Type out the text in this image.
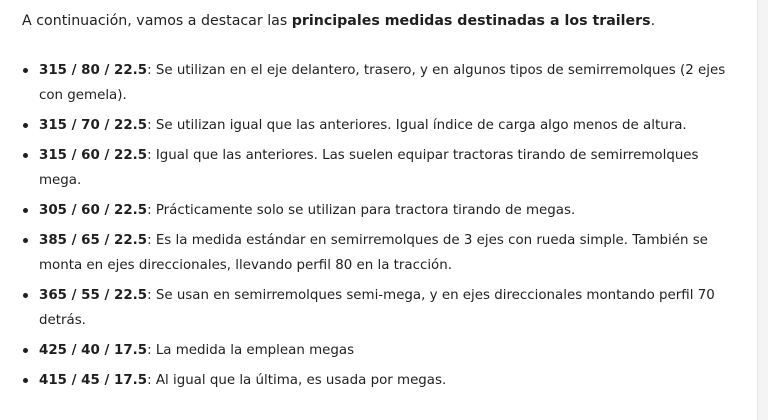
A continuación, vamos a destacar las principales medidas destinadas a los trailers.

315 / 80 / 22.5: Se utilizan en el eje delantero, trasero, y en algunos tipos de semirremolques (2 ejes con gemela).
315 / 70 / 22.5: Se utilizan igual que las anteriores. Igual índice de carga algo menos de altura.
315 / 60 / 22.5: Igual que las anteriores. Las suelen equipar tractoras tirando de semirremolques mega.
305 / 60 / 22.5: Prácticamente solo se utilizan para tractora tirando de megas.
385 / 65 / 22.5: Es la medida estándar en semirremolques de 3 ejes con rueda simple. También se monta en ejes direccionales, llevando perfil 80 en la tracción.
365 / 55 / 22.5: Se usan en semirremolques semi-mega, y en ejes direccionales montando perfil 70 detrás.
425 / 40 / 17.5: La medida la emplean megas
415 / 45 / 17.5: Al igual que la última, es usada por megas.
